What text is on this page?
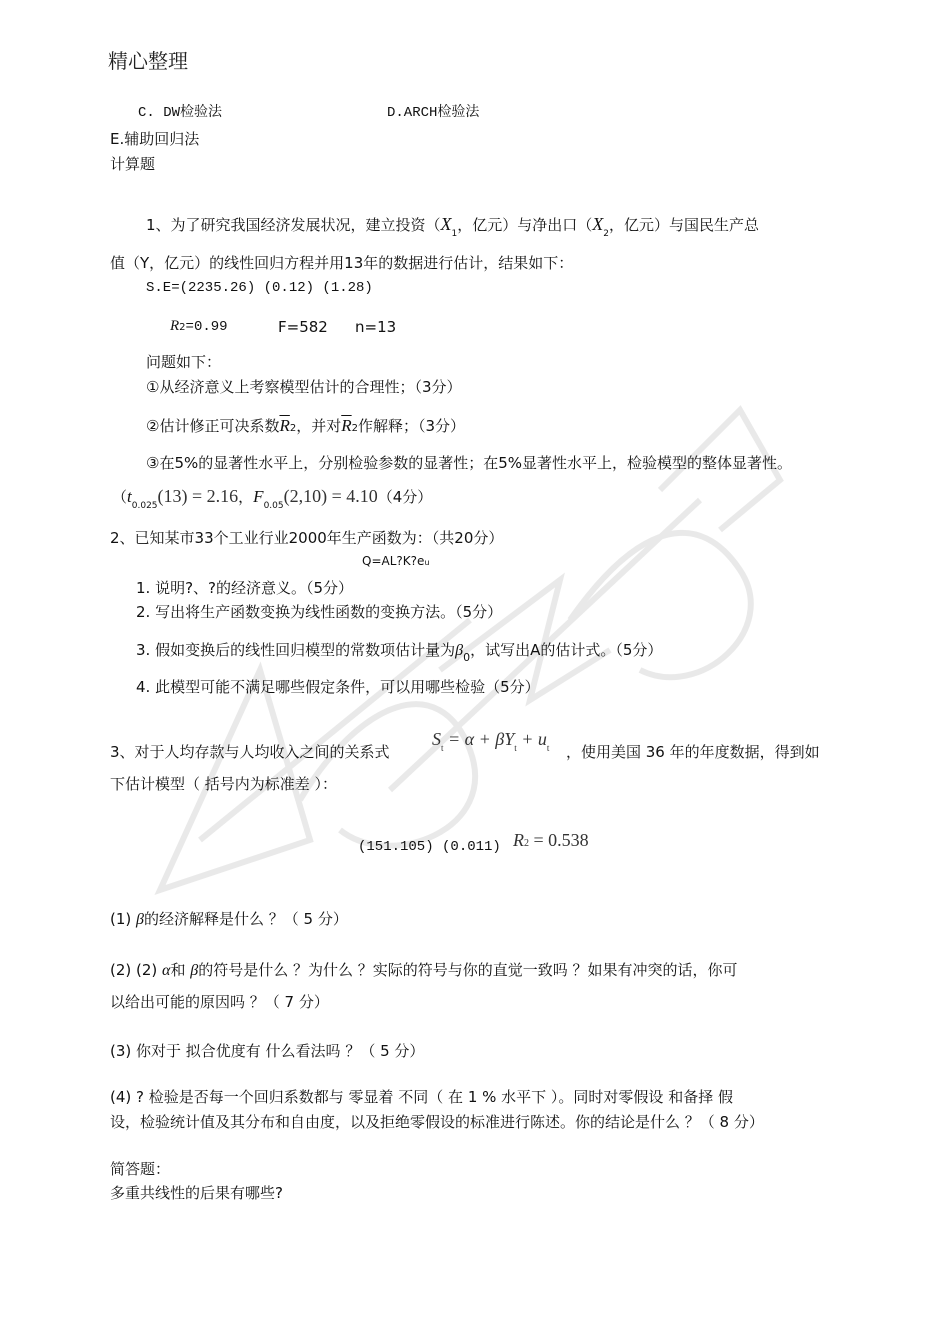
精心整理
C. DW检验法	D.ARCH检验法
E.辅助回归法
计算题
1、为了研究我国经济发展状况，建立投资（$X_1$，亿元）与净出口（$X_2$，亿元）与国民生产总
值（Y，亿元）的线性回归方程并用13年的数据进行估计，结果如下：
S.E=(2235.26) (0.12) (1.28)
R2=0.99	F=582 n=13
问题如下：
①从经济意义上考察模型估计的合理性；（3分）
②估计修正可决系数$\overline{R}2$，并对$\overline{R}2$作解释；（3分）
③在5%的显著性水平上，分别检验参数的显著性；在5%显著性水平上，检验模型的整体显著性。
（$t_{0.025}(13) = 2.16$，$F_{0.05}(2,10) = 4.10(4$分）
2、已知某市33个工业行业2000年生产函数为：（共20分）
Q=AL?K?eu
1. 说明?、?的经济意义。（5分）
2. 写出将生产函数变换为线性函数的变换方法。（5分）
3. 假如变换后的线性回归模型的常数项估计量为$\beta_0$，试写出A的估计式。（5分）
4. 此模型可能不满足哪些假定条件，可以用哪些检验（5分）
3、对于人均存款与人均收入之间的关系式
$S_t = \alpha + \beta Y_t + u_t$ ，使用美国 36 年的年度数据，得到如
下估计模型（ 括号内为标准差 ）：
(151.105) (0.011) R2 = 0.538
(1) β的经济解释是什么 ？（ 5 分）
(2) (2) α和 β的符号是什么 ？为什么 ？实际的符号与你的直觉一致吗 ？如果有冲突的话，你可
以给出可能的原因吗 ？（ 7 分）
(3) 你对于 拟合优度有 什么看法吗 ？（ 5 分）
(4) ? 检验是否每一个回归系数都与 零显着 不同（ 在 1 % 水平下 ）。同时对零假设 和备择 假
设，检验统计值及其分布和自由度，以及拒绝零假设的标准进行陈述。你的结论是什么 ？（ 8 分）
简答题：
多重共线性的后果有哪些?
